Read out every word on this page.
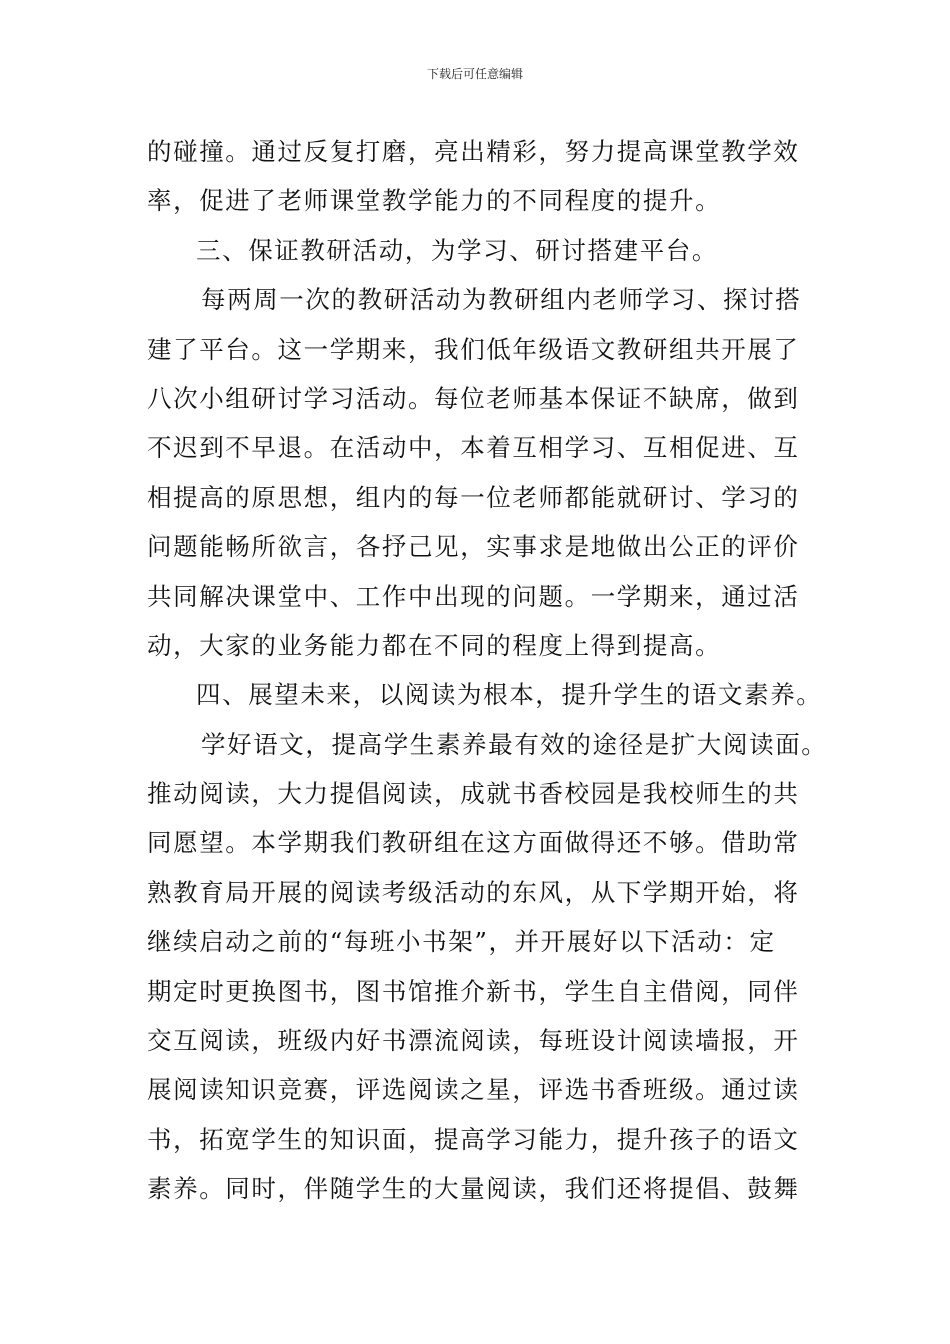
下载后可任意编辑
的碰撞。通过反复打磨，亮出精彩，努力提高课堂教学效
率，促进了老师课堂教学能力的不同程度的提升。
三、保证教研活动，为学习、研讨搭建平台。
每两周一次的教研活动为教研组内老师学习、探讨搭
建了平台。这一学期来，我们低年级语文教研组共开展了
八次小组研讨学习活动。每位老师基本保证不缺席，做到
不迟到不早退。在活动中，本着互相学习、互相促进、互
相提高的原思想，组内的每一位老师都能就研讨、学习的
问题能畅所欲言，各抒己见，实事求是地做出公正的评价
共同解决课堂中、工作中出现的问题。一学期来，通过活
动，大家的业务能力都在不同的程度上得到提高。
四、展望未来，以阅读为根本，提升学生的语文素养。
学好语文，提高学生素养最有效的途径是扩大阅读面。
推动阅读，大力提倡阅读，成就书香校园是我校师生的共
同愿望。本学期我们教研组在这方面做得还不够。借助常
熟教育局开展的阅读考级活动的东风，从下学期开始，将
继续启动之前的“每班小书架”，并开展好以下活动：定
期定时更换图书，图书馆推介新书，学生自主借阅，同伴
交互阅读，班级内好书漂流阅读，每班设计阅读墙报，开
展阅读知识竞赛，评选阅读之星，评选书香班级。通过读
书，拓宽学生的知识面，提高学习能力，提升孩子的语文
素养。同时，伴随学生的大量阅读，我们还将提倡、鼓舞
